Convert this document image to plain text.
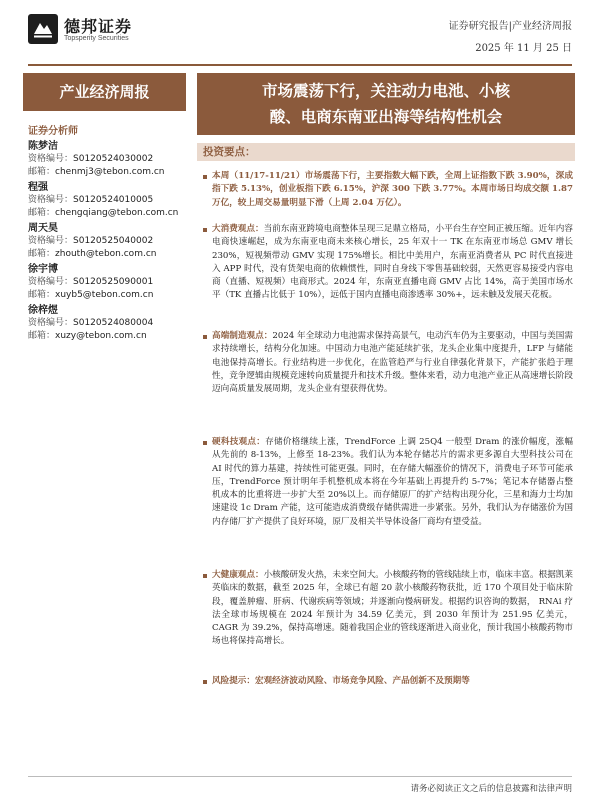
德邦证券
Topsperity Securities
证券研究报告|产业经济周报
2025 年 11 月 25 日
产业经济周报	市场震荡下行，关注动力电池、小核
酸、电商东南亚出海等结构性机会
证券分析师
陈梦洁
资格编号：S0120524030002
邮箱：chenmj3@tebon.com.cn
程强
资格编号：S0120524010005
邮箱：chengqiang@tebon.com.cn
周天昊
资格编号：S0120525040002
邮箱：zhouth@tebon.com.cn
徐宇博
资格编号：S0120525090001
邮箱：xuyb5@tebon.com.cn
徐梓煜
资格编号：S0120524080004
邮箱：xuzy@tebon.com.cn
投资要点：
本周（11/17-11/21）市场震荡下行，主要指数大幅下跌，全周上证指数下跌 3.90%，深成指下跌 5.13%，创业板指下跌 6.15%，沪深 300 下跌 3.77%。本周市场日均成交额 1.87 万亿，较上周交易量明显下滑（上周 2.04 万亿）。
大消费观点：当前东南亚跨境电商整体呈现三足鼎立格局，小平台生存空间正被压缩。近年内容电商快速崛起，成为东南亚电商未来核心增长，25 年双十一 TK 在东南亚市场总 GMV 增长 230%，短视频带动 GMV 实现 175%增长。相比中美用户，东南亚消费者从 PC 时代直接进入 APP 时代，没有货架电商的依赖惯性，同时自身线下零售基础较弱，天然更容易接受内容电商（直播、短视频）电商形式。2024 年，东南亚直播电商 GMV 占比 14%，高于美国市场水平（TK 直播占比低于 10%），远低于国内直播电商渗透率 30%+，远未触及发展天花板。
高端制造观点：2024 年全球动力电池需求保持高景气，电动汽车仍为主要驱动，中国与美国需求持续增长，结构分化加速。中国动力电池产能延续扩张，龙头企业集中度提升，LFP 与储能电池保持高增长。行业结构进一步优化，在监管趋严与行业自律强化背景下，产能扩张趋于理性，竞争逻辑由规模竞速转向质量提升和技术升级。整体来看，动力电池产业正从高速增长阶段迈向高质量发展周期，龙头企业有望获得优势。
硬科技观点：存储价格继续上涨，TrendForce 上调 25Q4 一般型 Dram 的涨价幅度，涨幅从先前的 8-13%，上修至 18-23%。我们认为本轮存储芯片的需求更多源自大型科技公司在 AI 时代的算力基建，持续性可能更强。同时，在存储大幅涨价的情况下，消费电子环节可能承压，TrendForce 预计明年手机整机成本将在今年基础上再提升约 5-7%；笔记本存储器占整机成本的比重将进一步扩大至 20%以上。而存储原厂的扩产结构出现分化，三星和海力士均加速建设 1c Dram 产能，这可能造成消费级存储供需进一步紧张。另外，我们认为存储涨价为国内存储厂扩产提供了良好环境，原厂及相关半导体设备厂商均有望受益。
大健康观点：小核酸研发火热，未来空间大。小核酸药物的管线陆续上市，临床丰富。根据凯莱英临床的数据，截至 2025 年，全球已有超 20 款小核酸药物获批，近 170 个项目处于临床阶段，覆盖肿瘤、肝病、代谢疾病等领域；并逐渐向慢病研发。根据约识咨询的数据， RNAi 疗法全球市场规模在 2024 年预计为 34.59 亿美元，到 2030 年预计为 251.95 亿美元，CAGR 为 39.2%，保持高增速。随着我国企业的管线逐渐进入商业化，预计我国小核酸药物市场也将保持高增长。
风险提示：宏观经济波动风险、市场竞争风险、产品创新不及预期等
请务必阅读正文之后的信息披露和法律声明
